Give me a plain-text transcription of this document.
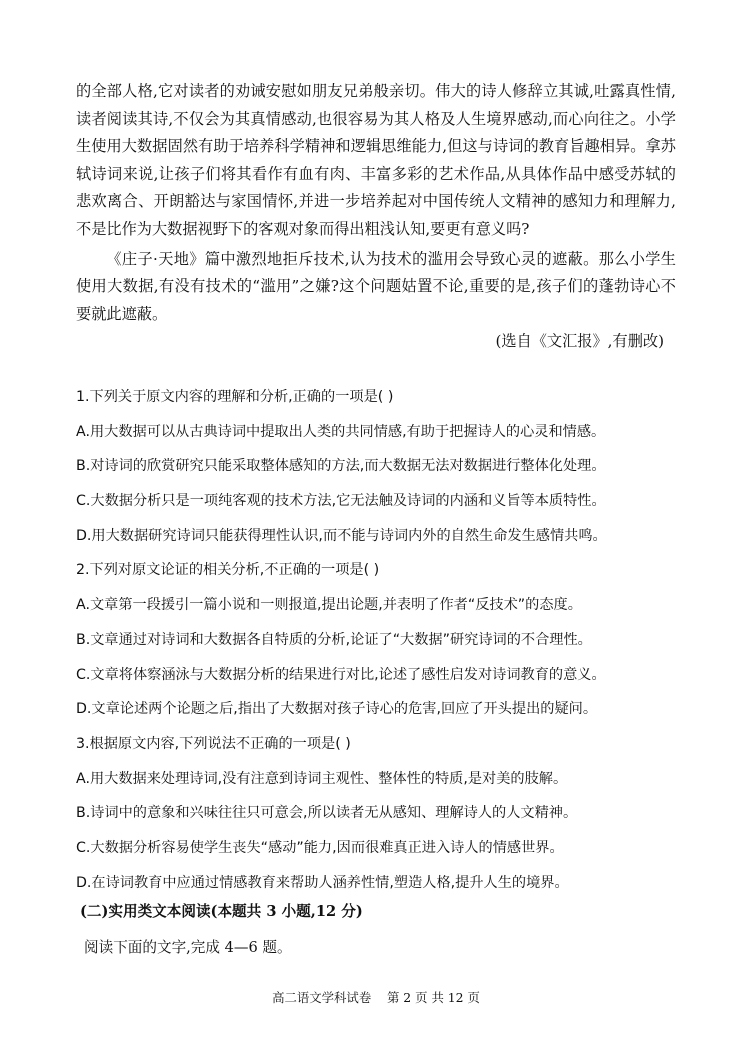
的全部人格,它对读者的劝诫安慰如朋友兄弟般亲切。伟大的诗人修辞立其诚,吐露真性情,读者阅读其诗,不仅会为其真情感动,也很容易为其人格及人生境界感动,而心向往之。小学生使用大数据固然有助于培养科学精神和逻辑思维能力,但这与诗词的教育旨趣相异。拿苏轼诗词来说,让孩子们将其看作有血有肉、丰富多彩的艺术作品,从具体作品中感受苏轼的悲欢离合、开朗豁达与家国情怀,并进一步培养起对中国传统人文精神的感知力和理解力,不是比作为大数据视野下的客观对象而得出粗浅认知,要更有意义吗?

《庄子·天地》篇中激烈地拒斥技术,认为技术的滥用会导致心灵的遮蔽。那么小学生使用大数据,有没有技术的“滥用”之嫌?这个问题姑置不论,重要的是,孩子们的蓬勃诗心不要就此遮蔽。

(选自《文汇报》,有删改)
1.下列关于原文内容的理解和分析,正确的一项是( )
A.用大数据可以从古典诗词中提取出人类的共同情感,有助于把握诗人的心灵和情感。
B.对诗词的欣赏研究只能采取整体感知的方法,而大数据无法对数据进行整体化处理。
C.大数据分析只是一项纯客观的技术方法,它无法触及诗词的内涵和义旨等本质特性。
D.用大数据研究诗词只能获得理性认识,而不能与诗词内外的自然生命发生感情共鸣。
2.下列对原文论证的相关分析,不正确的一项是( )
A.文章第一段援引一篇小说和一则报道,提出论题,并表明了作者“反技术”的态度。
B.文章通过对诗词和大数据各自特质的分析,论证了“大数据”研究诗词的不合理性。
C.文章将体察涵泳与大数据分析的结果进行对比,论述了感性启发对诗词教育的意义。
D.文章论述两个论题之后,指出了大数据对孩子诗心的危害,回应了开头提出的疑问。
3.根据原文内容,下列说法不正确的一项是( )
A.用大数据来处理诗词,没有注意到诗词主观性、整体性的特质,是对美的肢解。
B.诗词中的意象和兴味往往只可意会,所以读者无从感知、理解诗人的人文精神。
C.大数据分析容易使学生丧失“感动”能力,因而很难真正进入诗人的情感世界。
D.在诗词教育中应通过情感教育来帮助人涵养性情,塑造人格,提升人生的境界。
(二)实用类文本阅读(本题共 3 小题,12 分)
阅读下面的文字,完成 4—6 题。
高二语文学科试卷    第 2 页 共 12 页
